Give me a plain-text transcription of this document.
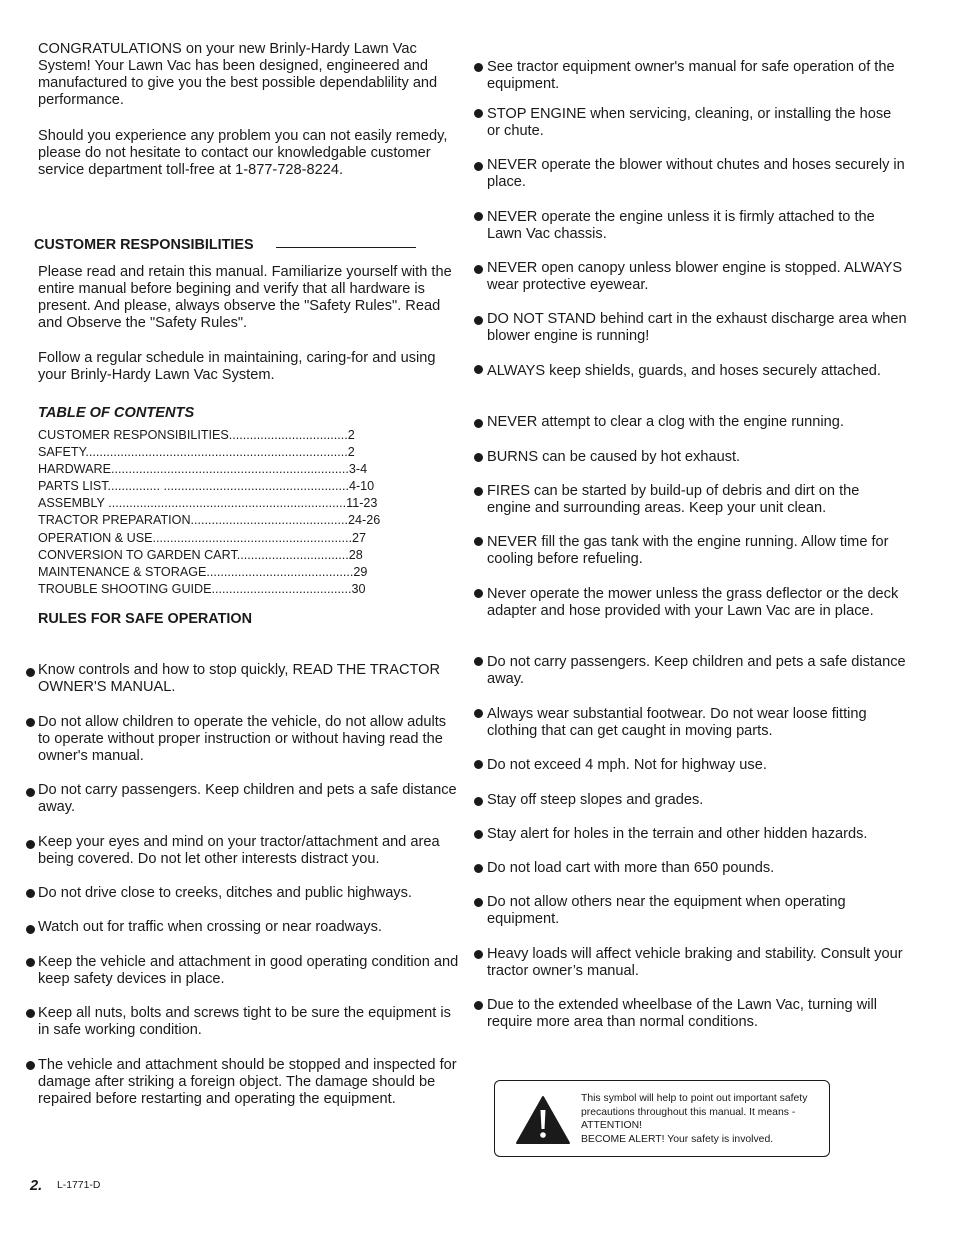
CONGRATULATIONS on your new Brinly-Hardy Lawn Vac System! Your Lawn Vac has been designed, engineered and manufactured to give you the best possible dependablility and performance.

Should you experience any problem you can not easily remedy, please do not hesitate to contact our knowledgable customer service department toll-free at 1-877-728-8224.

CUSTOMER RESPONSIBILITIES

Please read and retain this manual. Familiarize yourself with the entire manual before begining and verify that all hardware is present. And please, always observe the "Safety Rules". Read and Observe the "Safety Rules".

Follow a regular schedule in maintaining, caring-for and using your Brinly-Hardy Lawn Vac System.

TABLE OF CONTENTS

CUSTOMER RESPONSIBILITIES..................................2
SAFETY...........................................................................2
HARDWARE....................................................................3-4
PARTS LIST............... .....................................................4-10
ASSEMBLY ....................................................................11-23
TRACTOR PREPARATION.............................................24-26
OPERATION & USE.........................................................27
CONVERSION TO GARDEN CART................................28
MAINTENANCE & STORAGE..........................................29
TROUBLE SHOOTING GUIDE........................................30

RULES FOR SAFE OPERATION

Know controls and how to stop quickly, READ THE TRACTOR OWNER'S MANUAL.
Do not allow children to operate the vehicle, do not allow adults to operate without proper instruction or without having read the owner's manual.
Do not carry passengers. Keep children and pets a safe distance away.
Keep your eyes and mind on your tractor/attachment and area being covered. Do not let other interests distract you.
Do not drive close to creeks, ditches and public highways.
Watch out for traffic when crossing or near roadways.
Keep the vehicle and attachment in good operating condition and keep safety devices in place.
Keep all nuts, bolts and screws tight to be sure the equipment is in safe working condition.
The vehicle and attachment should be stopped and inspected for damage after striking a foreign object. The damage should be repaired before restarting and operating the equipment.
See tractor equipment owner's manual for safe operation of the equipment.
STOP ENGINE when servicing, cleaning, or installing the hose or chute.
NEVER operate the blower without chutes and hoses securely in place.
NEVER operate the engine unless it is firmly attached to the Lawn Vac chassis.
NEVER open canopy unless blower engine is stopped. ALWAYS wear protective eyewear.
DO NOT STAND behind cart in the exhaust discharge area when blower engine is running!
ALWAYS keep shields, guards, and hoses securely attached.
NEVER attempt to clear a clog with the engine running.
BURNS can be caused by hot exhaust.
FIRES can be started by build-up of debris and dirt on the engine and surrounding areas. Keep your unit clean.
NEVER fill the gas tank with the engine running. Allow time for cooling before refueling.
Never operate the mower unless the grass deflector or the deck adapter and hose provided with your Lawn Vac are in place.
Do not carry passengers. Keep children and pets a safe distance away.
Always wear substantial footwear. Do not wear loose fitting clothing that can get caught in moving parts.
Do not exceed 4 mph. Not for highway use.
Stay off steep slopes and grades.
Stay alert for holes in the terrain and other hidden hazards.
Do not load cart with more than 650 pounds.
Do not allow others near the equipment when operating equipment.
Heavy loads will affect vehicle braking and stability. Consult your tractor owner’s manual.
Due to the extended wheelbase of the Lawn Vac, turning will require more area than normal conditions.
This symbol will help to point out important safety precautions throughout this manual. It means - ATTENTION!
BECOME ALERT! Your safety is involved.
2. L-1771-D
